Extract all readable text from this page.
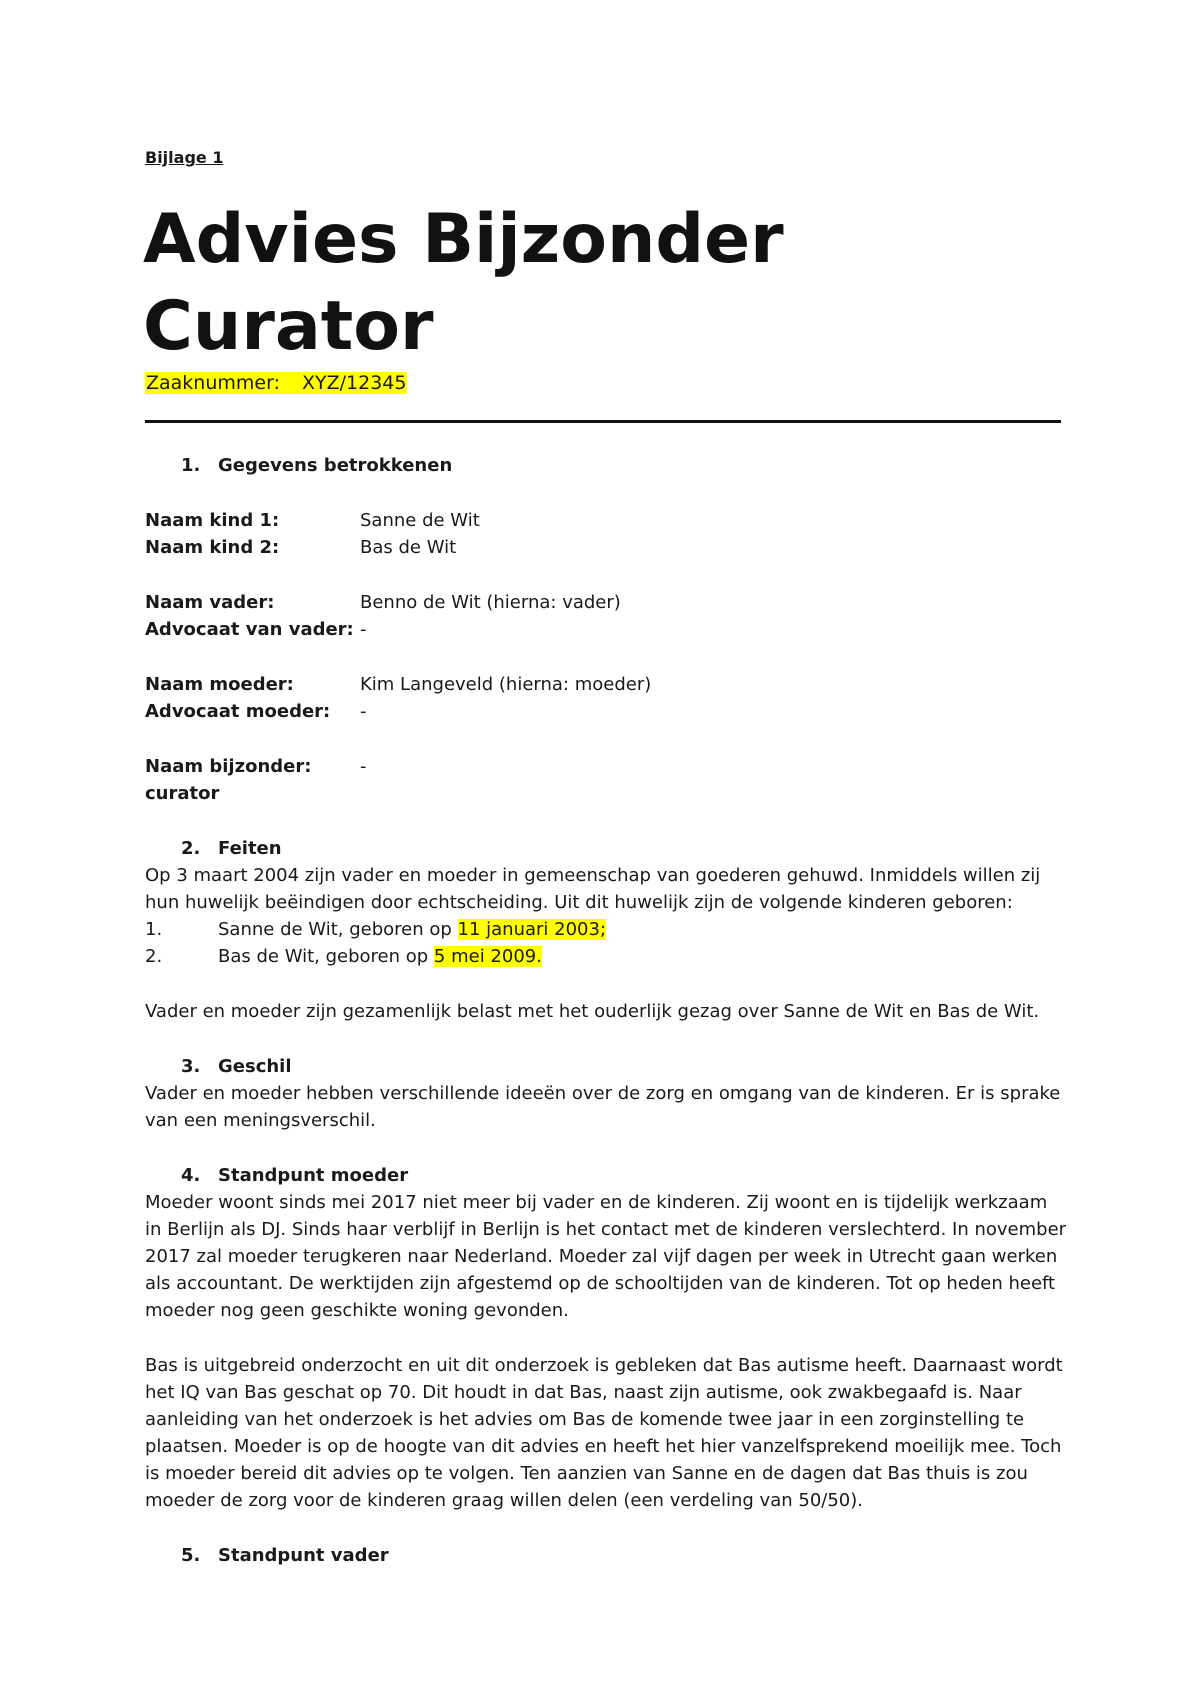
Bijlage 1
Advies Bijzonder
Curator
Zaaknummer: XYZ/12345
1. Gegevens betrokkenen
Naam kind 1:	Sanne de Wit
Naam kind 2:	Bas de Wit
Naam vader:	Benno de Wit (hierna: vader)
Advocaat van vader: -
Naam moeder:	Kim Langeveld (hierna: moeder)
Advocaat moeder: -
Naam bijzonder:	-
curator
2. Feiten
Op 3 maart 2004 zijn vader en moeder in gemeenschap van goederen gehuwd. Inmiddels willen zij
hun huwelijk beëindigen door echtscheiding. Uit dit huwelijk zijn de volgende kinderen geboren:
1.	Sanne de Wit, geboren op 11 januari 2003;
2.	Bas de Wit, geboren op 5 mei 2009.
Vader en moeder zijn gezamenlijk belast met het ouderlijk gezag over Sanne de Wit en Bas de Wit.
3. Geschil
Vader en moeder hebben verschillende ideeën over de zorg en omgang van de kinderen. Er is sprake
van een meningsverschil.
4. Standpunt moeder
Moeder woont sinds mei 2017 niet meer bij vader en de kinderen. Zij woont en is tijdelijk werkzaam
in Berlijn als DJ. Sinds haar verblijf in Berlijn is het contact met de kinderen verslechterd. In november
2017 zal moeder terugkeren naar Nederland. Moeder zal vijf dagen per week in Utrecht gaan werken
als accountant. De werktijden zijn afgestemd op de schooltijden van de kinderen. Tot op heden heeft
moeder nog geen geschikte woning gevonden.
Bas is uitgebreid onderzocht en uit dit onderzoek is gebleken dat Bas autisme heeft. Daarnaast wordt
het IQ van Bas geschat op 70. Dit houdt in dat Bas, naast zijn autisme, ook zwakbegaafd is. Naar
aanleiding van het onderzoek is het advies om Bas de komende twee jaar in een zorginstelling te
plaatsen. Moeder is op de hoogte van dit advies en heeft het hier vanzelfsprekend moeilijk mee. Toch
is moeder bereid dit advies op te volgen. Ten aanzien van Sanne en de dagen dat Bas thuis is zou
moeder de zorg voor de kinderen graag willen delen (een verdeling van 50/50).
5. Standpunt vader
